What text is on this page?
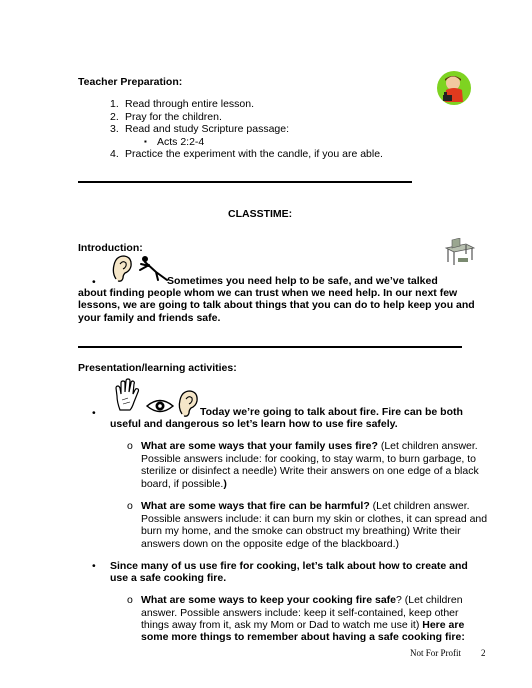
Teacher Preparation:
1. Read through entire lesson.
2. Pray for the children.
3. Read and study Scripture passage:
▪ Acts 2:2-4
4. Practice the experiment with the candle, if you are able.
CLASSTIME:
Introduction:
•	Sometimes you need help to be safe, and we’ve talked
about finding people whom we can trust when we need help. In our next few
lessons, we are going to talk about things that you can do to help keep you and
your family and friends safe.
Presentation/learning activities:
•	Today we’re going to talk about fire. Fire can be both
useful and dangerous so let’s learn how to use fire safely.
o What are some ways that your family uses fire? (Let children answer.
Possible answers include: for cooking, to stay warm, to burn garbage, to
sterilize or disinfect a needle) Write their answers on one edge of a black
board, if possible.)
o What are some ways that fire can be harmful? (Let children answer.
Possible answers include: it can burn my skin or clothes, it can spread and
burn my home, and the smoke can obstruct my breathing) Write their
answers down on the opposite edge of the blackboard.)
• Since many of us use fire for cooking, let’s talk about how to create and
use a safe cooking fire.
o What are some ways to keep your cooking fire safe? (Let children
answer. Possible answers include: keep it self-contained, keep other
things away from it, ask my Mom or Dad to watch me use it) Here are
some more things to remember about having a safe cooking fire:
Not For Profit 2
